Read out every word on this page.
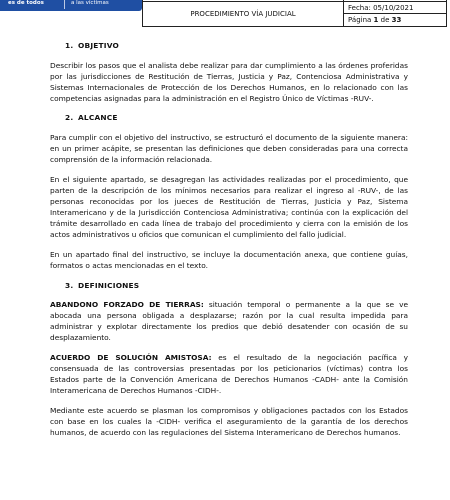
es de todos	a las víctimas

PROCEDIMIENTO VÍA JUDICIAL	Fecha: 05/10/2021
	Página 1 de 33
1. OBJETIVO

Describir los pasos que el analista debe realizar para dar cumplimiento a las órdenes proferidas por las jurisdicciones de Restitución de Tierras, Justicia y Paz, Contenciosa Administrativa y Sistemas Internacionales de Protección de los Derechos Humanos, en lo relacionado con las competencias asignadas para la administración en el Registro Único de Víctimas -RUV-.

2. ALCANCE

Para cumplir con el objetivo del instructivo, se estructuró el documento de la siguiente manera: en un primer acápite, se presentan las definiciones que deben consideradas para una correcta comprensión de la información relacionada.

En el siguiente apartado, se desagregan las actividades realizadas por el procedimiento, que parten de la descripción de los mínimos necesarios para realizar el ingreso al -RUV-, de las personas reconocidas por los jueces de Restitución de Tierras, Justicia y Paz, Sistema Interamericano y de la Jurisdicción Contenciosa Administrativa; continúa con la explicación del trámite desarrollado en cada línea de trabajo del procedimiento y cierra con la emisión de los actos administrativos u oficios que comunican el cumplimiento del fallo judicial.

En un apartado final del instructivo, se incluye la documentación anexa, que contiene guías, formatos o actas mencionadas en el texto.

3. DEFINICIONES

ABANDONO FORZADO DE TIERRAS: situación temporal o permanente a la que se ve abocada una persona obligada a desplazarse; razón por la cual resulta impedida para administrar y explotar directamente los predios que debió desatender con ocasión de su desplazamiento.

ACUERDO DE SOLUCIÓN AMISTOSA: es el resultado de la negociación pacífica y consensuada de las controversias presentadas por los peticionarios (víctimas) contra los Estados parte de la Convención Americana de Derechos Humanos -CADH- ante la Comisión Interamericana de Derechos Humanos -CIDH-.

Mediante este acuerdo se plasman los compromisos y obligaciones pactados con los Estados con base en los cuales la -CIDH- verifica el aseguramiento de la garantía de los derechos humanos, de acuerdo con las regulaciones del Sistema Interamericano de Derechos humanos.
